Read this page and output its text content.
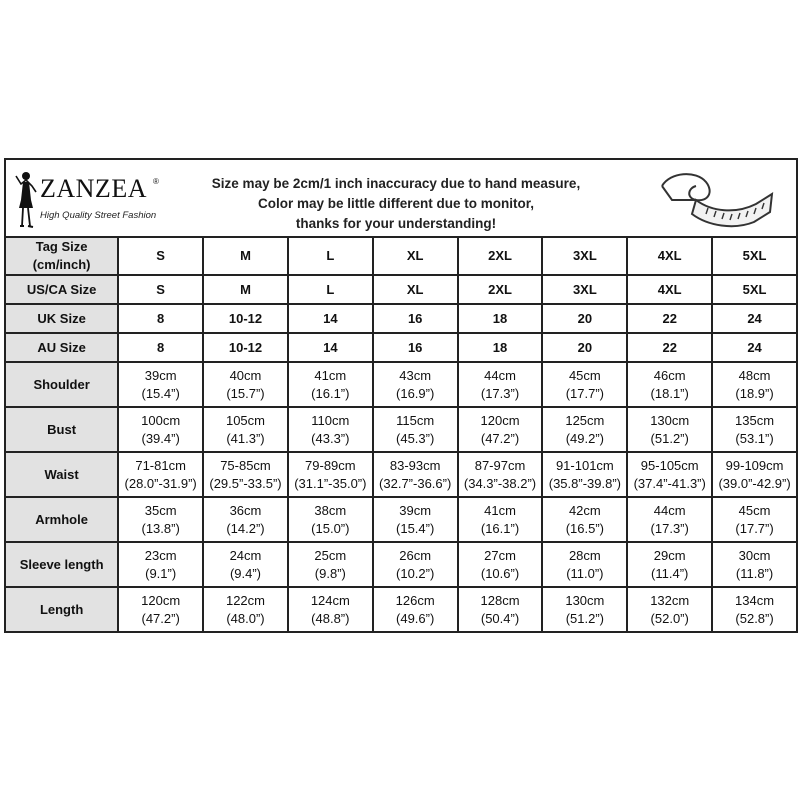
ZANZEA ®
High Quality Street Fashion
Size may be 2cm/1 inch inaccuracy due to hand measure,
Color may be little different due to monitor,
thanks for your understanding!
Tag Size
(cm/inch)	S	M	L	XL	2XL	3XL	4XL	5XL

US/CA Size	S	M	L	XL	2XL	3XL	4XL	5XL

UK Size	8	10-12	14	16	18	20	22	24

AU Size	8	10-12	14	16	18	20	22	24

Shoulder	39cm
(15.4”)	40cm
(15.7”)	41cm
(16.1”)	43cm
(16.9”)	44cm
(17.3”)	45cm
(17.7”)	46cm
(18.1”)	48cm
(18.9”)

Bust	100cm
(39.4”)	105cm
(41.3”)	110cm
(43.3”)	115cm
(45.3”)	120cm
(47.2”)	125cm
(49.2”)	130cm
(51.2”)	135cm
(53.1”)

Waist	71-81cm
(28.0”-31.9”)	75-85cm
(29.5”-33.5”)	79-89cm
(31.1”-35.0”)	83-93cm
(32.7”-36.6”)	87-97cm
(34.3”-38.2”)	91-101cm
(35.8”-39.8”)	95-105cm
(37.4”-41.3”)	99-109cm
(39.0”-42.9”)

Armhole	35cm
(13.8”)	36cm
(14.2”)	38cm
(15.0”)	39cm
(15.4”)	41cm
(16.1”)	42cm
(16.5”)	44cm
(17.3”)	45cm
(17.7”)

Sleeve length	23cm
(9.1”)	24cm
(9.4”)	25cm
(9.8”)	26cm
(10.2”)	27cm
(10.6”)	28cm
(11.0”)	29cm
(11.4”)	30cm
(11.8”)

Length	120cm
(47.2”)	122cm
(48.0”)	124cm
(48.8”)	126cm
(49.6”)	128cm
(50.4”)	130cm
(51.2”)	132cm
(52.0”)	134cm
(52.8”)
